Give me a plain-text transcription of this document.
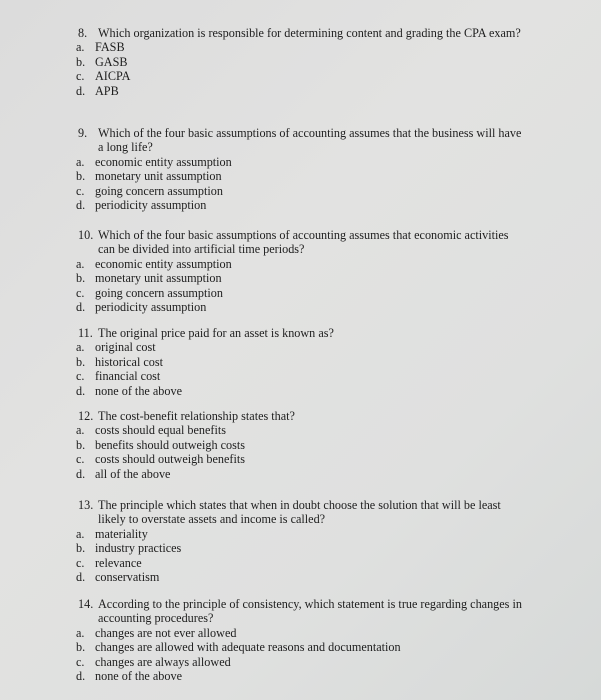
8. Which organization is responsible for determining content and grading the CPA exam?
a. FASB
b. GASB
c. AICPA
d. APB
9. Which of the four basic assumptions of accounting assumes that the business will have a long life?
a. economic entity assumption
b. monetary unit assumption
c. going concern assumption
d. periodicity assumption
10. Which of the four basic assumptions of accounting assumes that economic activities can be divided into artificial time periods?
a. economic entity assumption
b. monetary unit assumption
c. going concern assumption
d. periodicity assumption
11. The original price paid for an asset is known as?
a. original cost
b. historical cost
c. financial cost
d. none of the above
12. The cost-benefit relationship states that?
a. costs should equal benefits
b. benefits should outweigh costs
c. costs should outweigh benefits
d. all of the above
13. The principle which states that when in doubt choose the solution that will be least likely to overstate assets and income is called?
a. materiality
b. industry practices
c. relevance
d. conservatism
14. According to the principle of consistency, which statement is true regarding changes in accounting procedures?
a. changes are not ever allowed
b. changes are allowed with adequate reasons and documentation
c. changes are always allowed
d. none of the above
